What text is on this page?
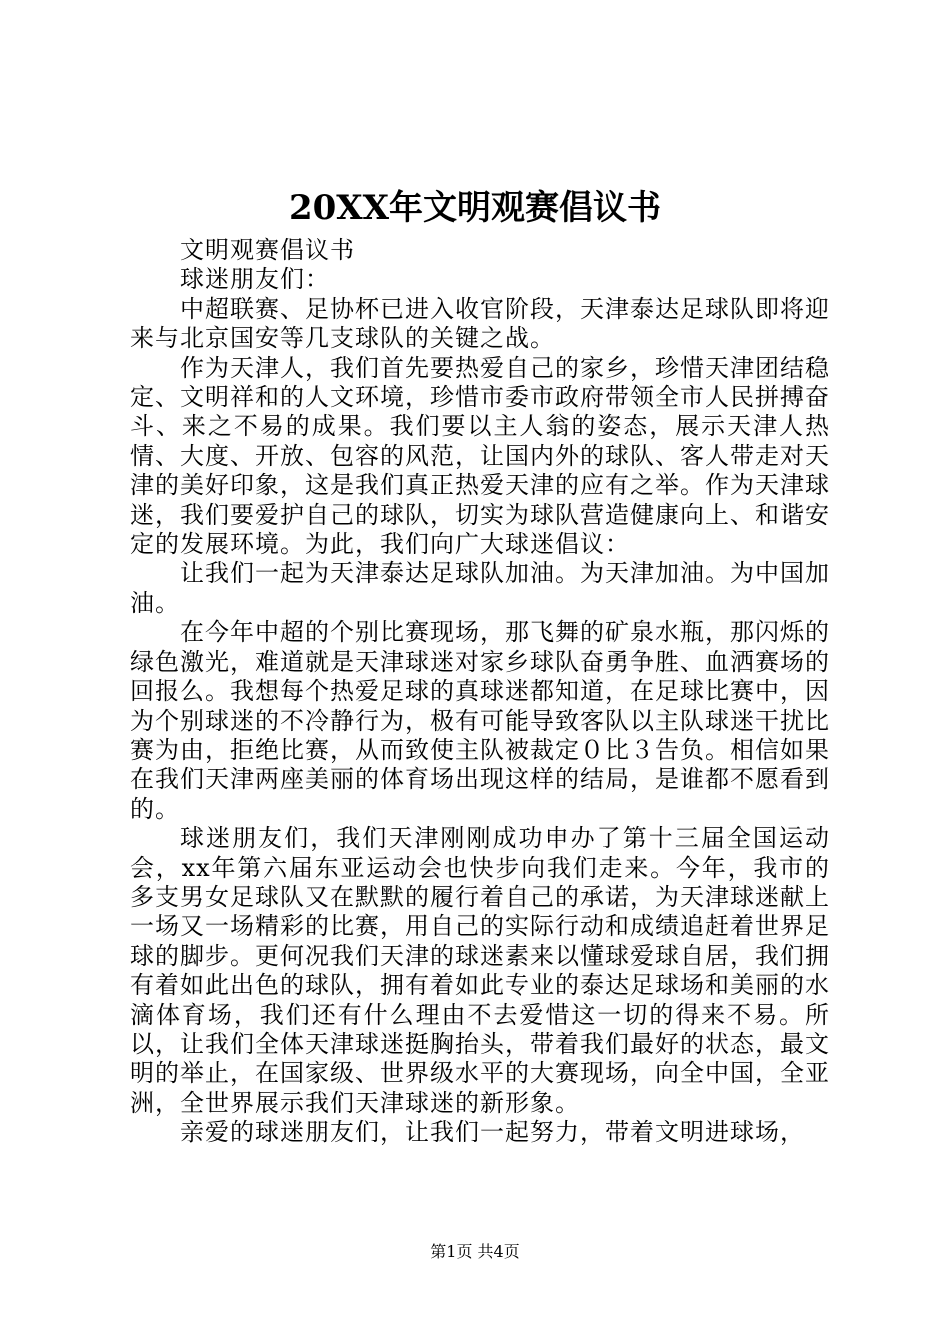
20XX年文明观赛倡议书

文明观赛倡议书

球迷朋友们：

中超联赛、足协杯已进入收官阶段，天津泰达足球队即将迎来与北京国安等几支球队的关键之战。

作为天津人，我们首先要热爱自己的家乡，珍惜天津团结稳定、文明祥和的人文环境，珍惜市委市政府带领全市人民拼搏奋斗、来之不易的成果。我们要以主人翁的姿态，展示天津人热情、大度、开放、包容的风范，让国内外的球队、客人带走对天津的美好印象，这是我们真正热爱天津的应有之举。作为天津球迷，我们要爱护自己的球队，切实为球队营造健康向上、和谐安定的发展环境。为此，我们向广大球迷倡议：

让我们一起为天津泰达足球队加油。为天津加油。为中国加油。

在今年中超的个别比赛现场，那飞舞的矿泉水瓶，那闪烁的绿色激光，难道就是天津球迷对家乡球队奋勇争胜、血洒赛场的回报么。我想每个热爱足球的真球迷都知道，在足球比赛中，因为个别球迷的不冷静行为，极有可能导致客队以主队球迷干扰比赛为由，拒绝比赛，从而致使主队被裁定０比３告负。相信如果在我们天津两座美丽的体育场出现这样的结局，是谁都不愿看到的。

球迷朋友们，我们天津刚刚成功申办了第十三届全国运动会，xx年第六届东亚运动会也快步向我们走来。今年，我市的多支男女足球队又在默默的履行着自己的承诺，为天津球迷献上一场又一场精彩的比赛，用自己的实际行动和成绩追赶着世界足球的脚步。更何况我们天津的球迷素来以懂球爱球自居，我们拥有着如此出色的球队，拥有着如此专业的泰达足球场和美丽的水滴体育场，我们还有什么理由不去爱惜这一切的得来不易。所以，让我们全体天津球迷挺胸抬头，带着我们最好的状态，最文明的举止，在国家级、世界级水平的大赛现场，向全中国，全亚洲，全世界展示我们天津球迷的新形象。

亲爱的球迷朋友们，让我们一起努力，带着文明进球场，

第1页 共4页
